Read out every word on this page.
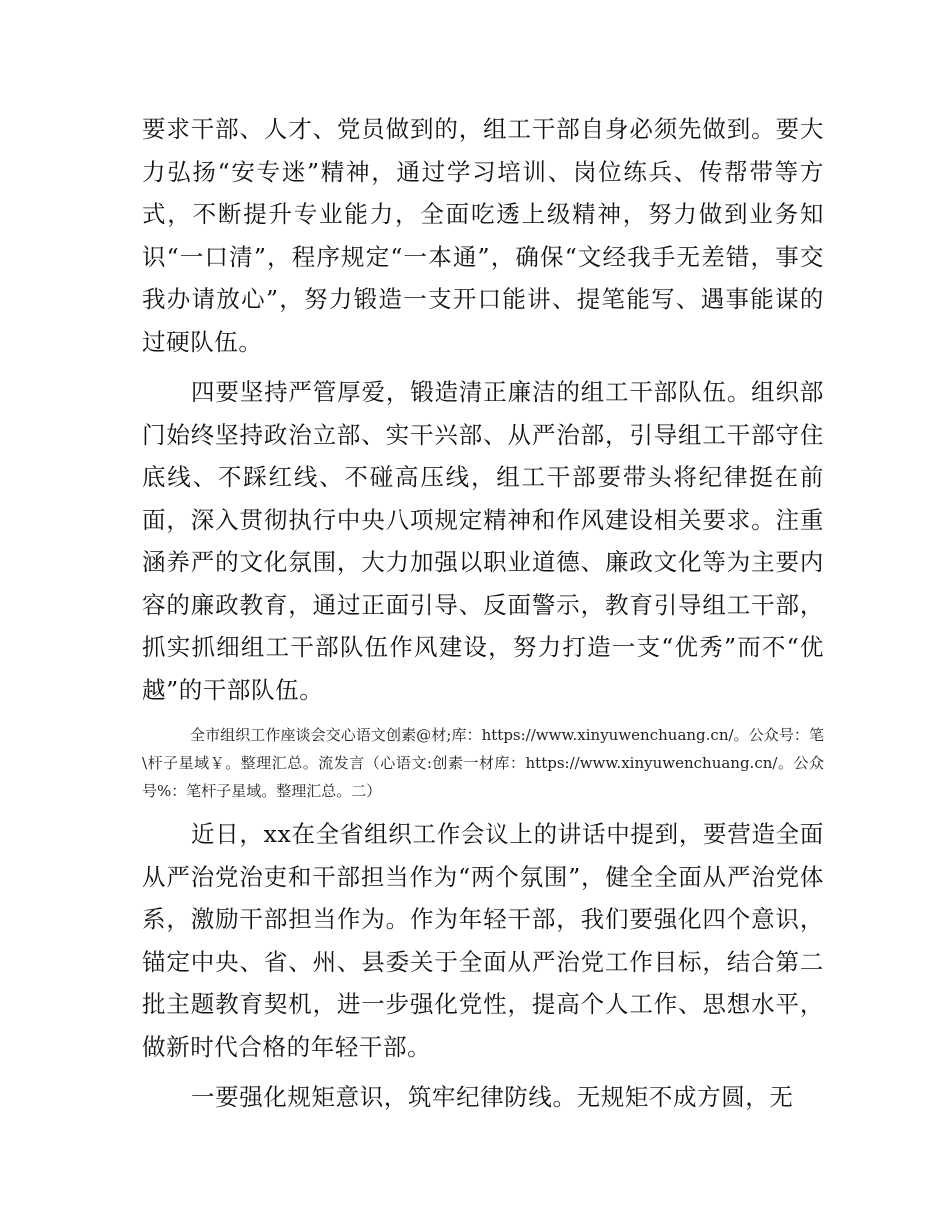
要求干部、人才、党员做到的，组工干部自身必须先做到。要大力弘扬“安专迷”精神，通过学习培训、岗位练兵、传帮带等方式，不断提升专业能力，全面吃透上级精神，努力做到业务知识“一口清”，程序规定“一本通”，确保“文经我手无差错，事交我办请放心”，努力锻造一支开口能讲、提笔能写、遇事能谋的过硬队伍。

四要坚持严管厚爱，锻造清正廉洁的组工干部队伍。组织部门始终坚持政治立部、实干兴部、从严治部，引导组工干部守住底线、不踩红线、不碰高压线，组工干部要带头将纪律挺在前面，深入贯彻执行中央八项规定精神和作风建设相关要求。注重涵养严的文化氛围，大力加强以职业道德、廉政文化等为主要内容的廉政教育，通过正面引导、反面警示，教育引导组工干部，抓实抓细组工干部队伍作风建设，努力打造一支“优秀”而不“优越”的干部队伍。

全市组织工作座谈会交心语文创素@材;库：https://www.xinyuwenchuang.cn/。公众号：笔\杆子星域￥。整理汇总。流发言（心语文:创素一材库：https://www.xinyuwenchuang.cn/。公众号%：笔杆子星域。整理汇总。二）

近日，xx在全省组织工作会议上的讲话中提到，要营造全面从严治党治吏和干部担当作为“两个氛围”，健全全面从严治党体系，激励干部担当作为。作为年轻干部，我们要强化四个意识，锚定中央、省、州、县委关于全面从严治党工作目标，结合第二批主题教育契机，进一步强化党性，提高个人工作、思想水平，做新时代合格的年轻干部。

一要强化规矩意识，筑牢纪律防线。无规矩不成方圆，无
